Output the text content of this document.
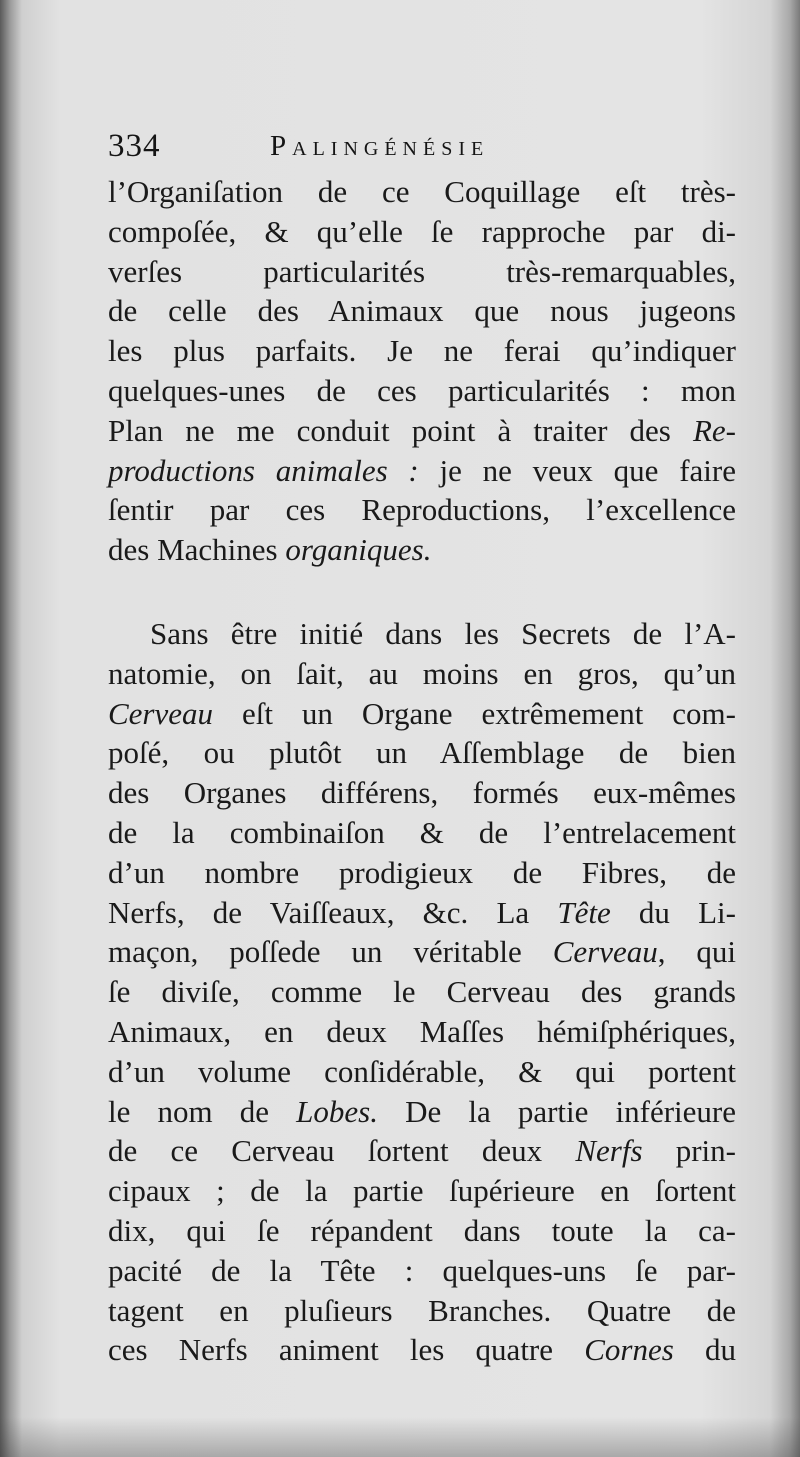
334	Palingénésie
l’Organiſation de ce Coquillage eſt très-
compoſée, & qu’elle ſe rapproche par di-
verſes particularités très-remarquables,
de celle des Animaux que nous jugeons
les plus parfaits. Je ne ferai qu’indiquer
quelques-unes de ces particularités : mon
Plan ne me conduit point à traiter des Re-
productions animales : je ne veux que faire
ſentir par ces Reproductions, l’excellence
des Machines organiques.
Sans être initié dans les Secrets de l’A-
natomie, on ſait, au moins en gros, qu’un
Cerveau eſt un Organe extrêmement com-
poſé, ou plutôt un Aſſemblage de bien
des Organes différens, formés eux-mêmes
de la combinaiſon & de l’entrelacement
d’un nombre prodigieux de Fibres, de
Nerfs, de Vaiſſeaux, &c. La Tête du Li-
maçon, poſſede un véritable Cerveau, qui
ſe diviſe, comme le Cerveau des grands
Animaux, en deux Maſſes hémiſphériques,
d’un volume conſidérable, & qui portent
le nom de Lobes. De la partie inférieure
de ce Cerveau ſortent deux Nerfs prin-
cipaux ; de la partie ſupérieure en ſortent
dix, qui ſe répandent dans toute la ca-
pacité de la Tête : quelques-uns ſe par-
tagent en pluſieurs Branches. Quatre de
ces Nerfs animent les quatre Cornes du
